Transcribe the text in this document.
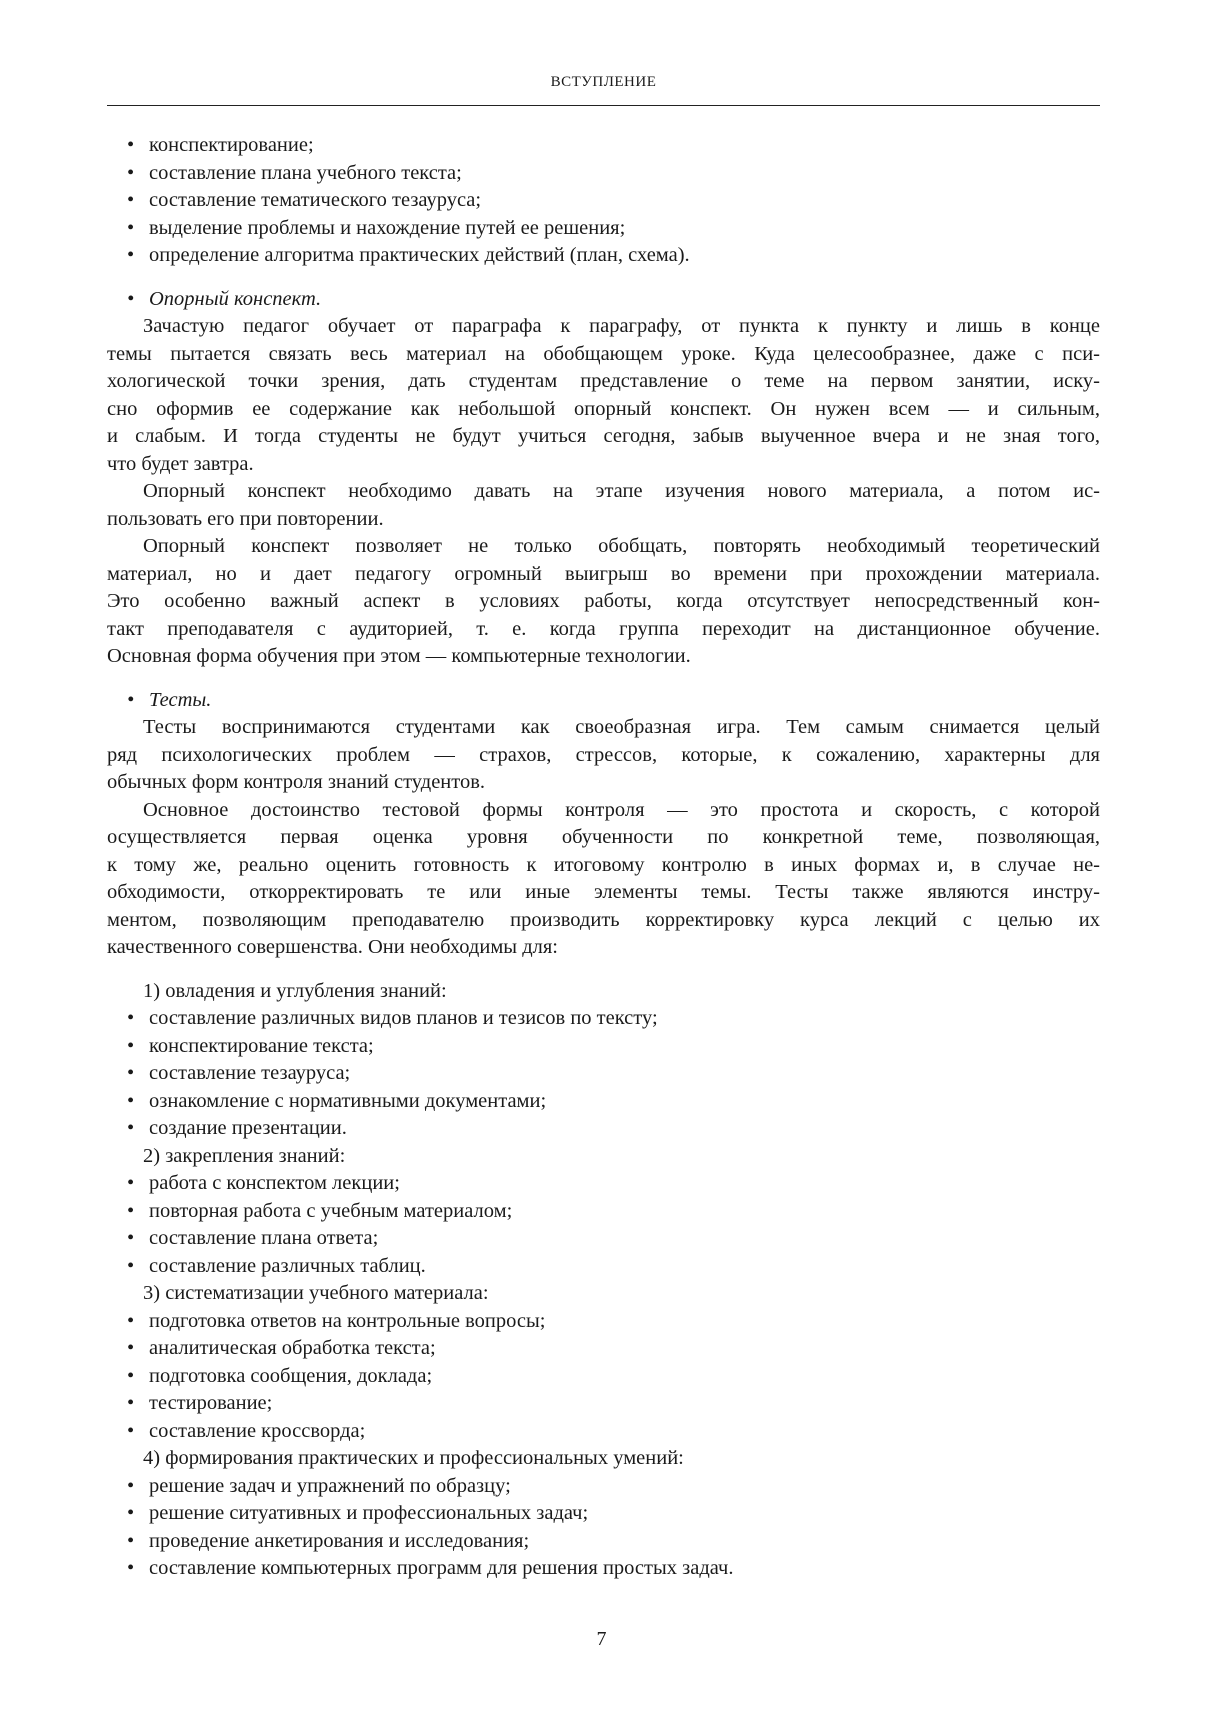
ВСТУПЛЕНИЕ
• конспектирование;
• составление плана учебного текста;
• составление тематического тезауруса;
• выделение проблемы и нахождение путей ее решения;
• определение алгоритма практических действий (план, схема).
• Опорный конспект.
Зачастую педагог обучает от параграфа к параграфу, от пункта к пункту и лишь в конце
темы пытается связать весь материал на обобщающем уроке. Куда целесообразнее, даже с пси-
хологической точки зрения, дать студентам представление о теме на первом занятии, иску-
сно оформив ее содержание как небольшой опорный конспект. Он нужен всем — и сильным,
и слабым. И тогда студенты не будут учиться сегодня, забыв выученное вчера и не зная того,
что будет завтра.
Опорный конспект необходимо давать на этапе изучения нового материала, а потом ис-
пользовать его при повторении.
Опорный конспект позволяет не только обобщать, повторять необходимый теоретический
материал, но и дает педагогу огромный выигрыш во времени при прохождении материала.
Это особенно важный аспект в условиях работы, когда отсутствует непосредственный кон-
такт преподавателя с аудиторией, т. е. когда группа переходит на дистанционное обучение.
Основная форма обучения при этом — компьютерные технологии.
• Тесты.
Тесты воспринимаются студентами как своеобразная игра. Тем самым снимается целый
ряд психологических проблем — страхов, стрессов, которые, к сожалению, характерны для
обычных форм контроля знаний студентов.
Основное достоинство тестовой формы контроля — это простота и скорость, с которой
осуществляется первая оценка уровня обученности по конкретной теме, позволяющая,
к тому же, реально оценить готовность к итоговому контролю в иных формах и, в случае не-
обходимости, откорректировать те или иные элементы темы. Тесты также являются инстру-
ментом, позволяющим преподавателю производить корректировку курса лекций с целью их
качественного совершенства. Они необходимы для:
1) овладения и углубления знаний:
• составление различных видов планов и тезисов по тексту;
• конспектирование текста;
• составление тезауруса;
• ознакомление с нормативными документами;
• создание презентации.
2) закрепления знаний:
• работа с конспектом лекции;
• повторная работа с учебным материалом;
• составление плана ответа;
• составление различных таблиц.
3) систематизации учебного материала:
• подготовка ответов на контрольные вопросы;
• аналитическая обработка текста;
• подготовка сообщения, доклада;
• тестирование;
• составление кроссворда;
4) формирования практических и профессиональных умений:
• решение задач и упражнений по образцу;
• решение ситуативных и профессиональных задач;
• проведение анкетирования и исследования;
• составление компьютерных программ для решения простых задач.
7
